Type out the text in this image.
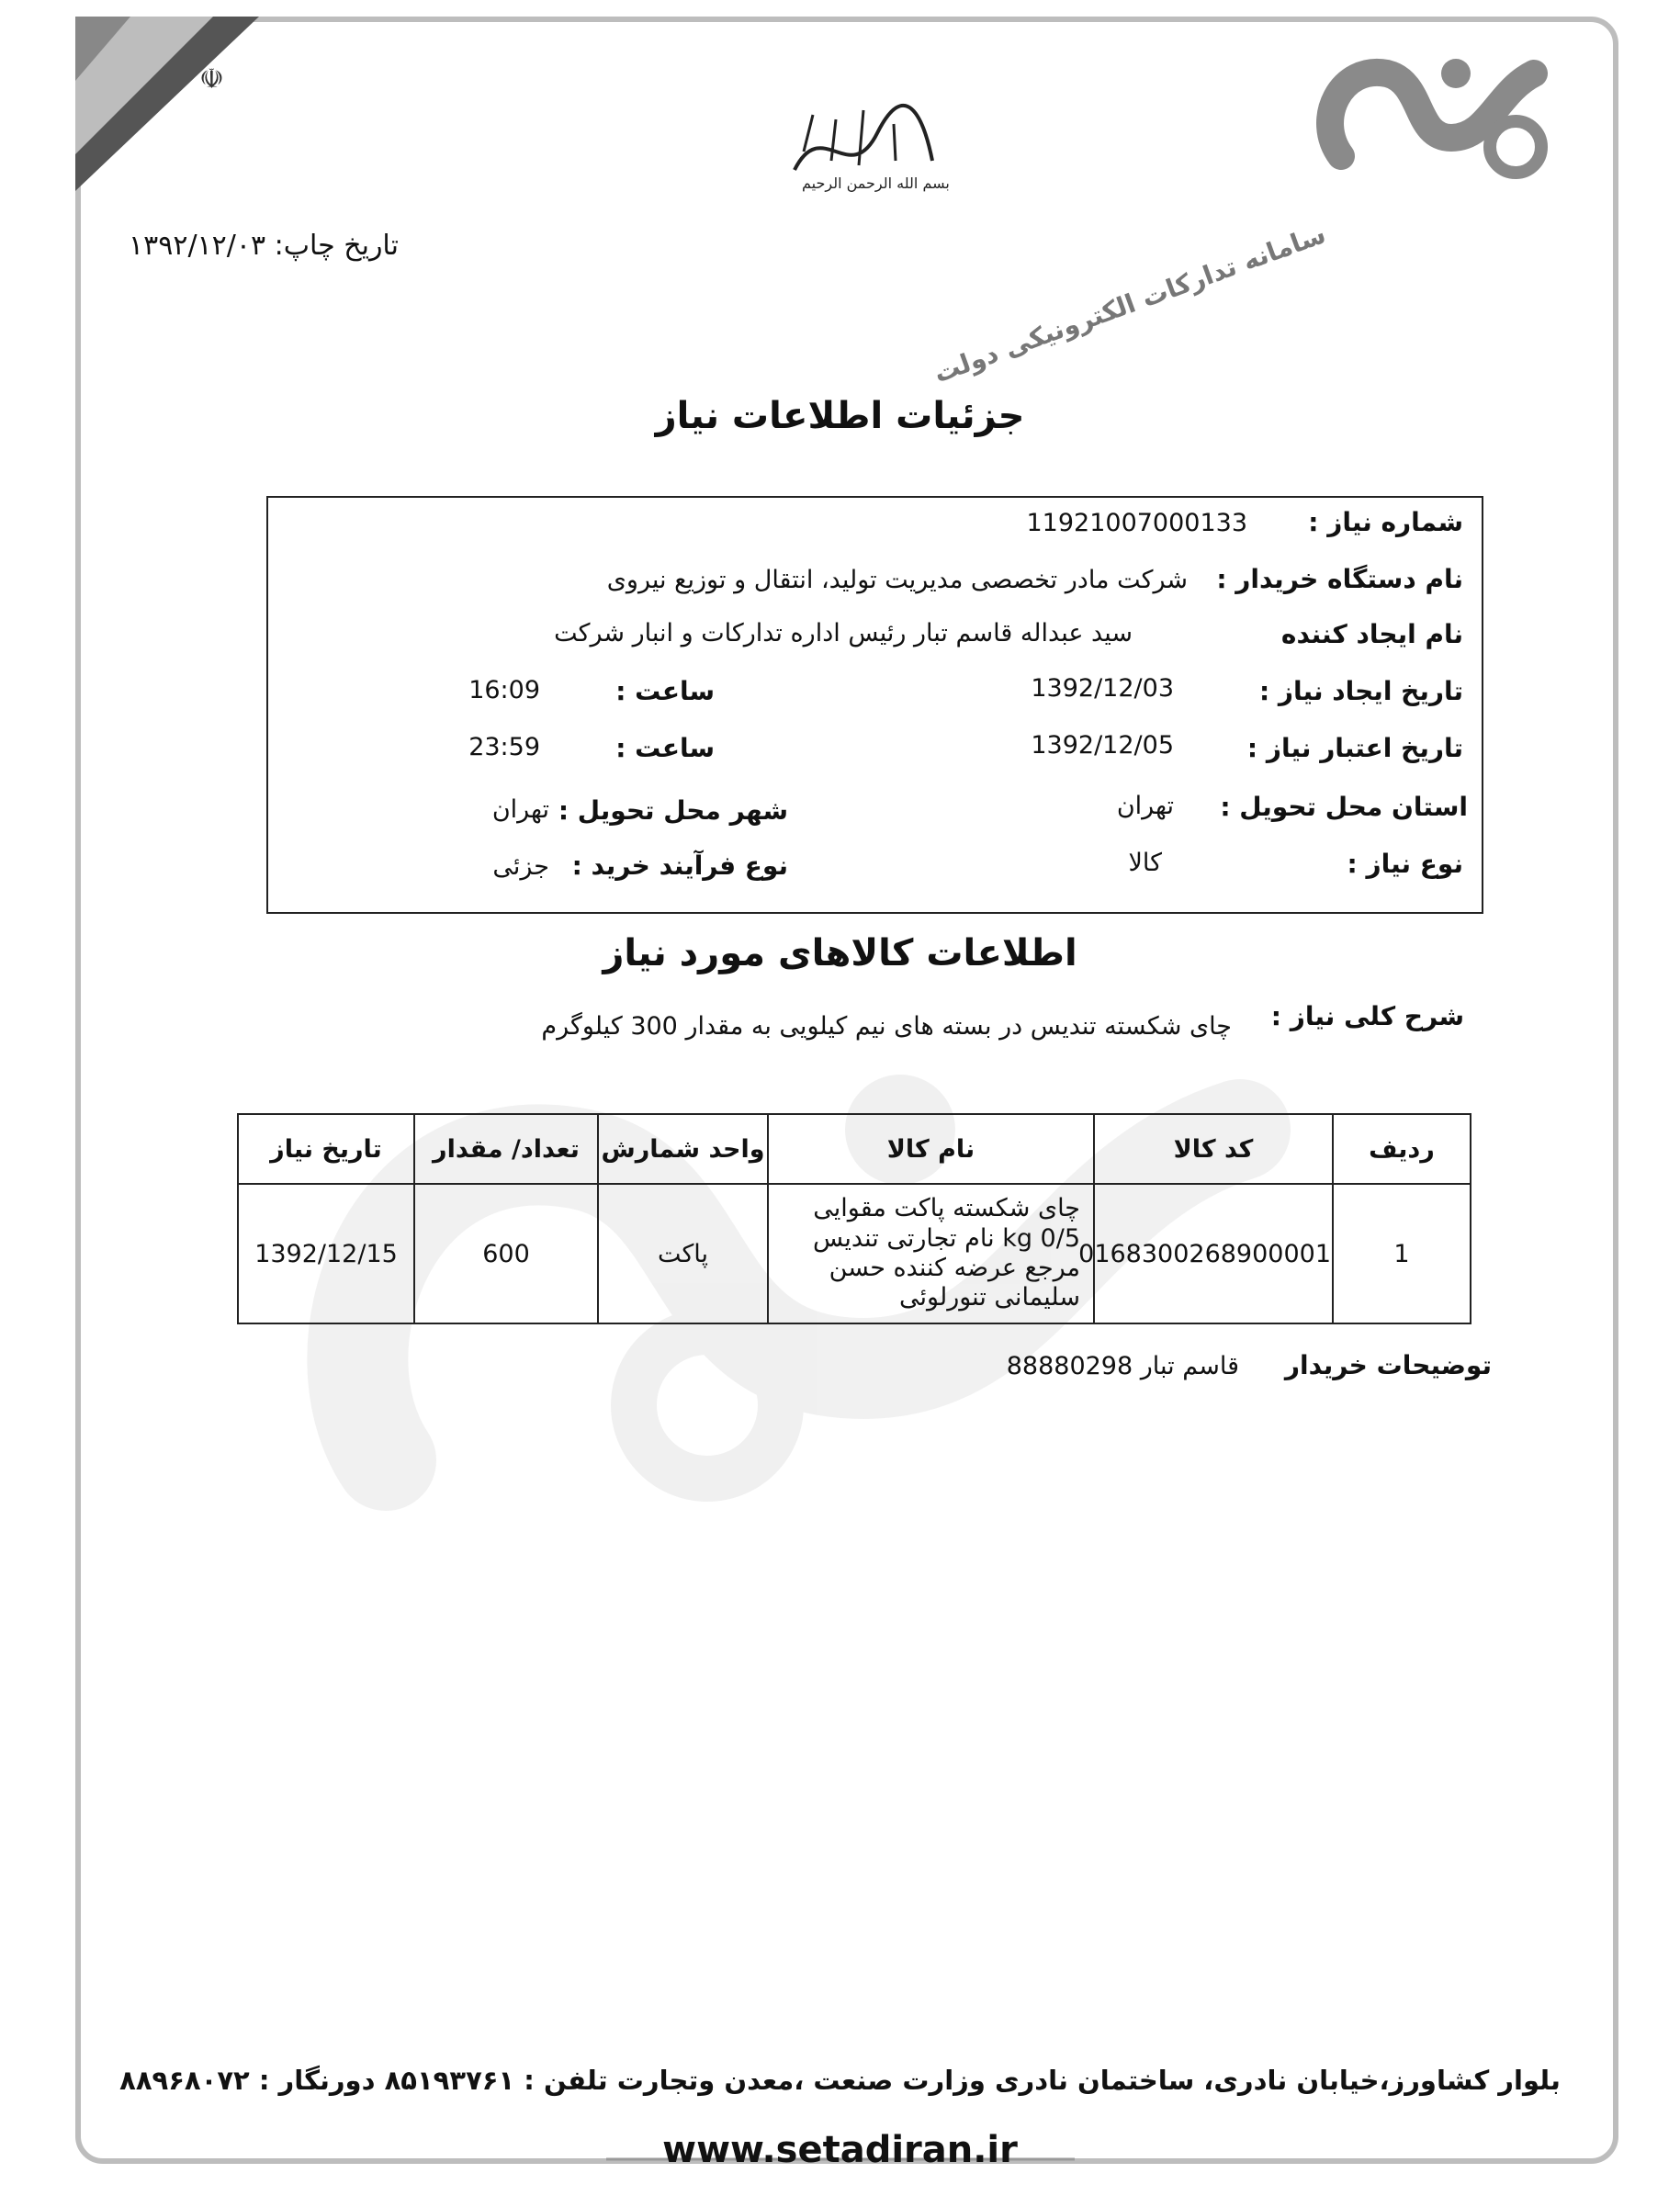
☫
سامانه تدارکات الکترونیکی دولت
بسم الله الرحمن الرحیم
تاریخ چاپ: ۱۳۹۲/۱۲/۰۳
جزئیات اطلاعات نیاز
شماره نیاز :
11921007000133
نام دستگاه خریدار :
شرکت مادر تخصصی مدیریت تولید، انتقال و توزیع نیروی
نام ایجاد کننده
سید عبداله قاسم تبار رئیس اداره تدارکات و انبار شرکت
تاریخ ایجاد نیاز :
1392/12/03
ساعت :
16:09
تاریخ اعتبار نیاز :
1392/12/05
ساعت :
23:59
استان محل تحویل :
تهران
شهر محل تحویل :
تهران
نوع نیاز :
کالا
نوع فرآیند خرید :
جزئی
اطلاعات کالاهای مورد نیاز
شرح کلی نیاز :
چای شکسته تندیس در بسته های نیم کیلویی به مقدار 300 کیلوگرم
ردیف	کد کالا	نام کالا	واحد شمارش	تعداد/ مقدار	تاریخ نیاز
1	0168300268900001	چای شکسته پاکت مقوایی kg 0/5 نام تجارتی تندیس مرجع عرضه کننده حسن سلیمانی تنورلوئی	پاکت	600	1392/12/15
توضیحات خریدار
قاسم تبار 88880298
بلوار کشاورز،خیابان نادری، ساختمان نادری وزارت صنعت ،معدن وتجارت تلفن : ۸۵۱۹۳۷۶۱ دورنگار : ۸۸۹۶۸۰۷۲
www.setadiran.ir
